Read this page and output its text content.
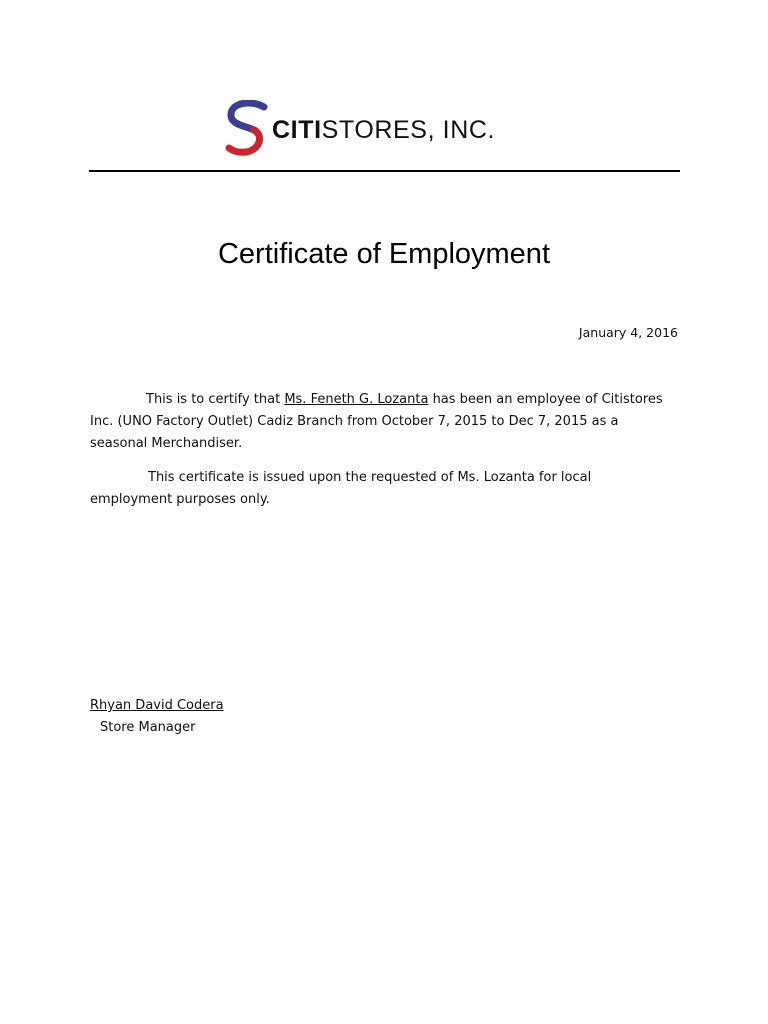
CITISTORES, INC.
Certificate of Employment
January 4, 2016

This is to certify that Ms. Feneth G. Lozanta has been an employee of Citistores Inc. (UNO Factory Outlet) Cadiz Branch from October 7, 2015 to Dec 7, 2015 as a seasonal Merchandiser.

This certificate is issued upon the requested of Ms. Lozanta for local employment purposes only.

Rhyan David Codera
Store Manager
